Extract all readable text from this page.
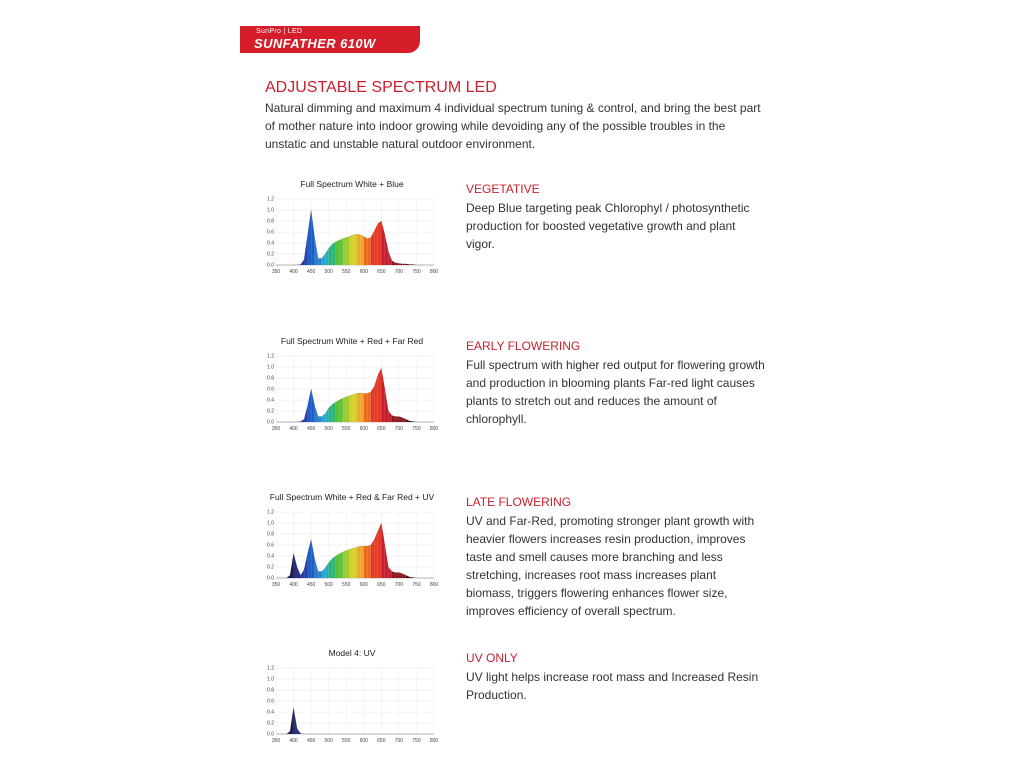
SunPro | LED
SUNFATHER 610W
ADJUSTABLE SPECTRUM LED
Natural dimming and maximum 4 individual spectrum tuning & control, and bring the best part of mother nature into indoor growing while devoiding any of the possible troubles in the unstatic and unstable natural outdoor environment.
Full Spectrum White + Blue
0.0
0.2
0.4
0.6
0.8
1.0
1.2
350 400 450 500 550 600 650 700 750 800
Full Spectrum White + Red + Far Red
0.0
0.2
0.4
0.6
0.8
1.0
1.2
350 400 450 500 550 600 650 700 750 800
Full Spectrum White + Red & Far Red + UV
0.0
0.2
0.4
0.6
0.8
1.0
1.2
350 400 450 500 550 600 650 700 750 800
Model 4: UV
0.0
0.2
0.4
0.6
0.8
1.0
1.2
350 400 450 500 550 600 650 700 750 800
VEGETATIVE
Deep Blue targeting peak Chlorophyl / photosynthetic production for boosted vegetative growth and plant vigor.
EARLY FLOWERING
Full spectrum with higher red output for flowering growth and production in blooming plants Far-red light causes plants to stretch out and reduces the amount of chlorophyll.
LATE FLOWERING
UV and Far-Red, promoting stronger plant growth with heavier flowers increases resin production, improves taste and smell causes more branching and less stretching, increases root mass increases plant biomass, triggers flowering enhances flower size, improves efficiency of overall spectrum.
UV ONLY
UV light helps increase root mass and Increased Resin Production.
